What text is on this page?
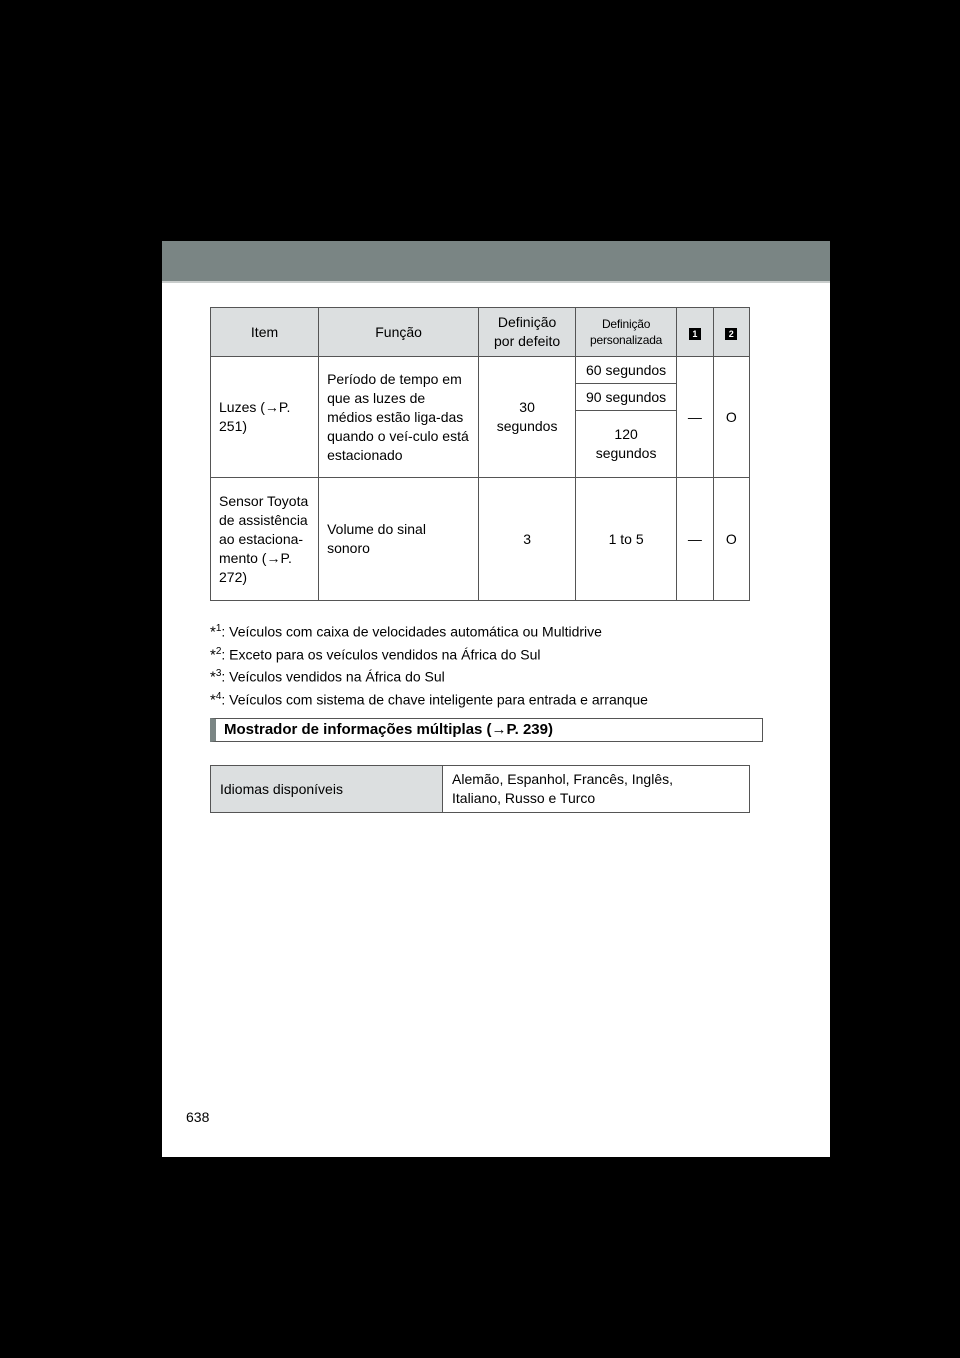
Item	Função	Definição por defeito	Definição personalizada	1	2
Luzes (→P. 251)	Período de tempo em que as luzes de médios estão liga-das quando o veí-culo está estacionado	30 segundos	60 segundos	—	O
			90 segundos		
			120 segundos		
Sensor Toyota de assistência ao estaciona-mento (→P. 272)	Volume do sinal sonoro	3	1 to 5	—	O
*$^1$: Veículos com caixa de velocidades automática ou Multidrive
*$^2$: Exceto para os veículos vendidos na África do Sul
*$^3$: Veículos vendidos na África do Sul
*$^4$: Veículos com sistema de chave inteligente para entrada e arranque
Mostrador de informações múltiplas (→P. 239)
Idiomas disponíveis	Alemão, Espanhol, Francês, Inglês, Italiano, Russo e Turco
638
